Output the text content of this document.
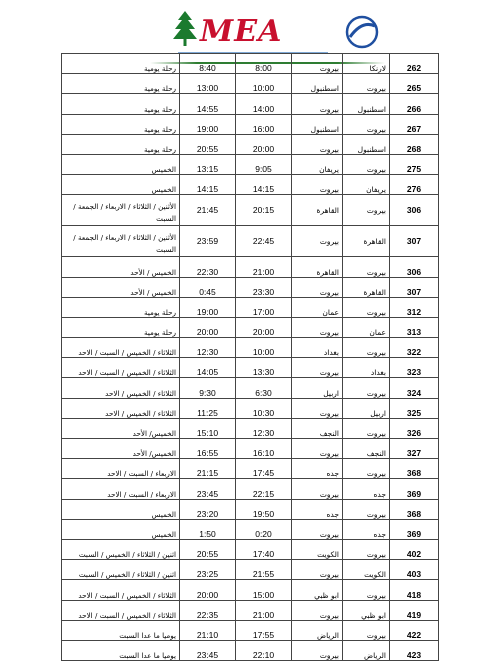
MEA
رحلة يومية	8:40	8:00	بيروت	لارنكا	262
رحلة يومية	13:00	10:00	اسطنبول	بيروت	265
رحلة يومية	14:55	14:00	بيروت	اسطنبول	266
رحلة يومية	19:00	16:00	اسطنبول	بيروت	267
رحلة يومية	20:55	20:00	بيروت	اسطنبول	268
الخميس	13:15	9:05	يريفان	بيروت	275
الخميس	14:15	14:15	بيروت	يريفان	276
الأثنين / الثلاثاء / الاربعاء / الجمعة / السبت	21:45	20:15	القاهرة	بيروت	306
الأثنين / الثلاثاء / الاربعاء / الجمعة / السبت	23:59	22:45	بيروت	القاهرة	307
الخميس / الأحد	22:30	21:00	القاهرة	بيروت	306
الخميس / الأحد	0:45	23:30	بيروت	القاهرة	307
رحلة يومية	19:00	17:00	عمان	بيروت	312
رحلة يومية	20:00	20:00	بيروت	عمان	313
الثلاثاء / الخميس / السبت / الاحد	12:30	10:00	بغداد	بيروت	322
الثلاثاء / الخميس / السبت / الاحد	14:05	13:30	بيروت	بغداد	323
الثلاثاء / الخميس / الاحد	9:30	6:30	اربيل	بيروت	324
الثلاثاء / الخميس / الاحد	11:25	10:30	بيروت	اربيل	325
الخميس/ الأحد	15:10	12:30	النجف	بيروت	326
الخميس/ الأحد	16:55	16:10	بيروت	النجف	327
الاربعاء / السبت / الاحد	21:15	17:45	جده	بيروت	368
الاربعاء / السبت / الاحد	23:45	22:15	بيروت	جده	369
الخميس	23:20	19:50	جده	بيروت	368
الخميس	1:50	0:20	بيروت	جده	369
اثنين / الثلاثاء / الخميس / السبت	20:55	17:40	الكويت	بيروت	402
اثنين / الثلاثاء / الخميس / السبت	23:25	21:55	بيروت	الكويت	403
الثلاثاء / الخميس / السبت / الاحد	20:00	15:00	ابو ظبي	بيروت	418
الثلاثاء / الخميس / السبت / الاحد	22:35	21:00	بيروت	ابو ظبي	419
يوميا ما عدا السبت	21:10	17:55	الرياض	بيروت	422
يوميا ما عدا السبت	23:45	22:10	بيروت	الرياض	423
